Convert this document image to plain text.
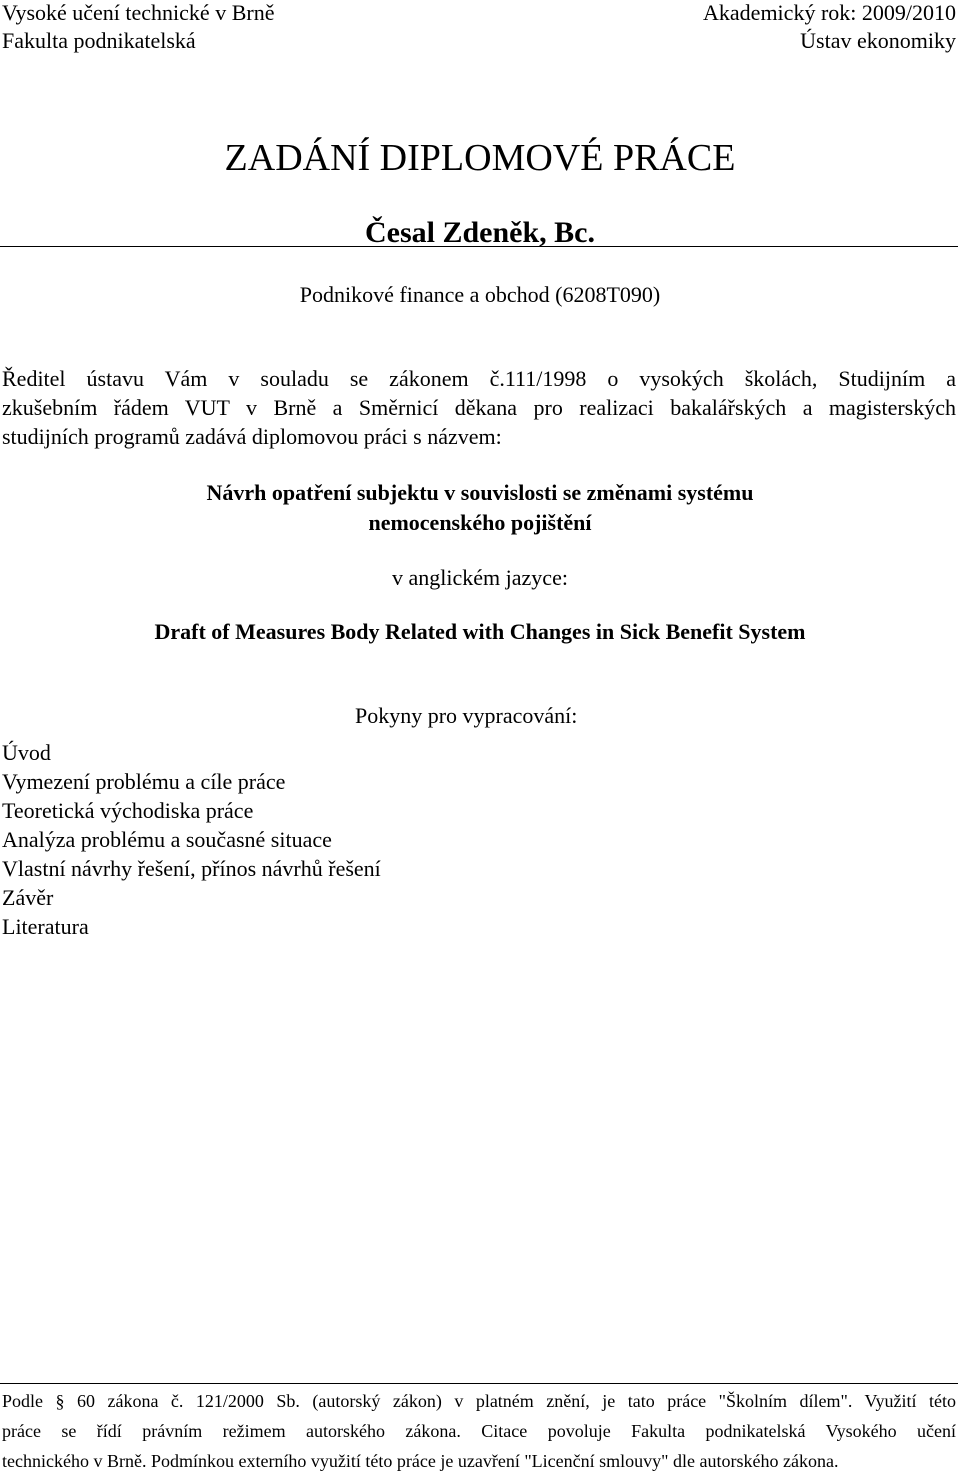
Vysoké učení technické v Brně
Fakulta podnikatelská
Akademický rok: 2009/2010
Ústav ekonomiky
ZADÁNÍ DIPLOMOVÉ PRÁCE
Česal Zdeněk, Bc.
Podnikové finance a obchod (6208T090)
Ředitel ústavu Vám v souladu se zákonem č.111/1998 o vysokých školách, Studijním a
zkušebním řádem VUT v Brně a Směrnicí děkana pro realizaci bakalářských a magisterských
studijních programů zadává diplomovou práci s názvem:
Návrh opatření subjektu v souvislosti se změnami systému
nemocenského pojištění
v anglickém jazyce:
Draft of Measures Body Related with Changes in Sick Benefit System
Pokyny pro vypracování:
Úvod
Vymezení problému a cíle práce
Teoretická východiska práce
Analýza problému a současné situace
Vlastní návrhy řešení, přínos návrhů řešení
Závěr
Literatura
Podle § 60 zákona č. 121/2000 Sb. (autorský zákon) v platném znění, je tato práce "Školním dílem". Využití této
práce se řídí právním režimem autorského zákona. Citace povoluje Fakulta podnikatelská Vysokého učení
technického v Brně. Podmínkou externího využití této práce je uzavření "Licenční smlouvy" dle autorského zákona.
